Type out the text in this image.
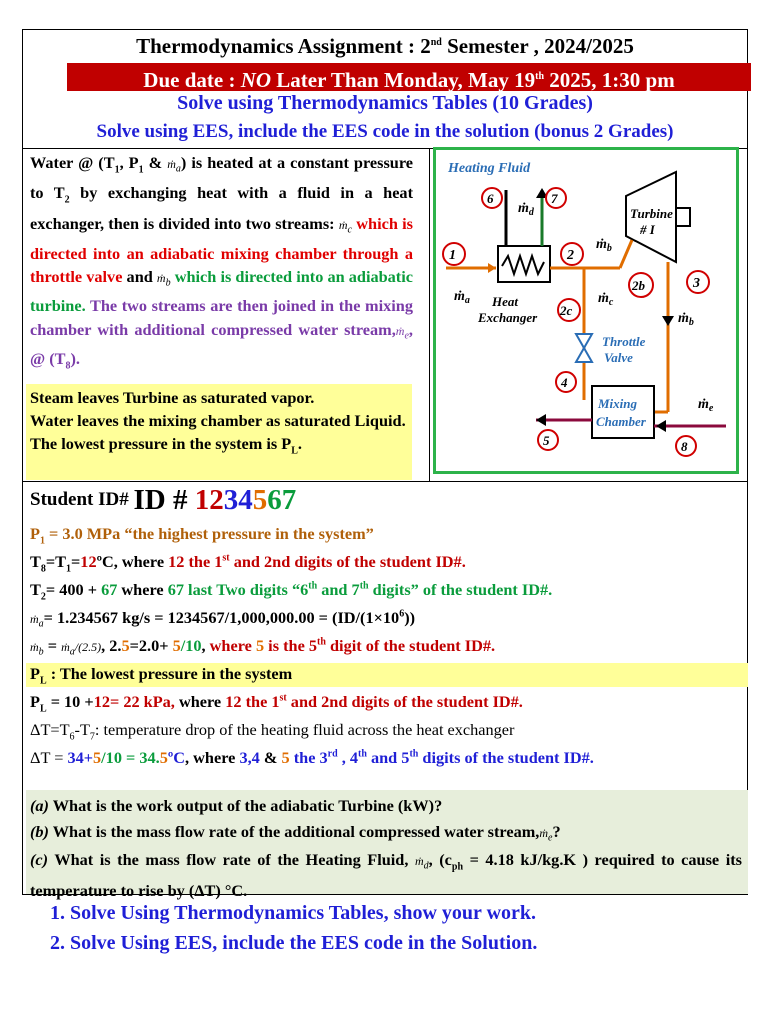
Thermodynamics Assignment : 2nd Semester , 2024/2025
Due date : NO Later Than Monday, May 19th 2025, 1:30 pm
Solve using Thermodynamics Tables (10 Grades)
Solve using EES, include the EES code in the solution (bonus 2 Grades)
Water @ ($T_1$, $P_1$ & ṁ$_a$) is heated at a constant pressure to $T_2$ by exchanging heat with a fluid in a heat exchanger, then is divided into two streams: ṁ$_c$ which is directed into an adiabatic mixing chamber through a throttle valve and ṁ$_b$ which is directed into an adiabatic turbine. The two streams are then joined in the mixing chamber with additional compressed water stream,ṁ$_e$, @ $(T_8)$.
Steam leaves Turbine as saturated vapor.
Water leaves the mixing chamber as saturated Liquid.
The lowest pressure in the system is $P_L$.
Heating Fluid
Turbine
# I
Heat
Exchanger
1
ṁ$_a$
2
ṁ$_b$
2b
6	7
ṁ$_d$
2c
ṁ$_c$
Throttle
Valve
4
3
ṁ$_b$
Mixing
Chamber
8
ṁ$_e$
5
Student ID# ID # 1234567
$P_1 = 3.0$ MPa “the highest pressure in the system”
$T_8=T_1=12ºC$, where 12 the 1st and 2nd digits of the student ID#.
$T_2= 400 + 67$ where 67 last Two digits “6th and 7th digits” of the student ID#.
ṁ$_a$= 1.234567 $kg/s = 1234567/1,000,000.00 = (ID/(1\times 10^6))$
ṁ$_b$ = ṁ$_a$/(2.5), 2.5=2.0+ 5/10, where 5 is the 5th digit of the student ID#.
$P_L$ : The lowest pressure in the system
$P_L = 10 +12= 22$ kPa, where 12 the 1st and 2nd digits of the student ID#.
$\Delta T=T_6-T_7$: temperature drop of the heating fluid across the heat exchanger
ΔT = 34+5/10 = 34.5ºC, where 3,4 & 5 the 3rd , 4th and 5th digits of the student ID#.
(a) What is the work output of the adiabatic Turbine (kW)?
(b) What is the mass flow rate of the additional compressed water stream,ṁ$_e$?
(c) What is the mass flow rate of the Heating Fluid, ṁ$_d$, ($c_{ph} = 4.18$ kJ/kg.K ) required to cause its temperature to rise by (ΔT) °C.
1. Solve Using Thermodynamics Tables, show your work.
2. Solve Using EES, include the EES code in the Solution.
